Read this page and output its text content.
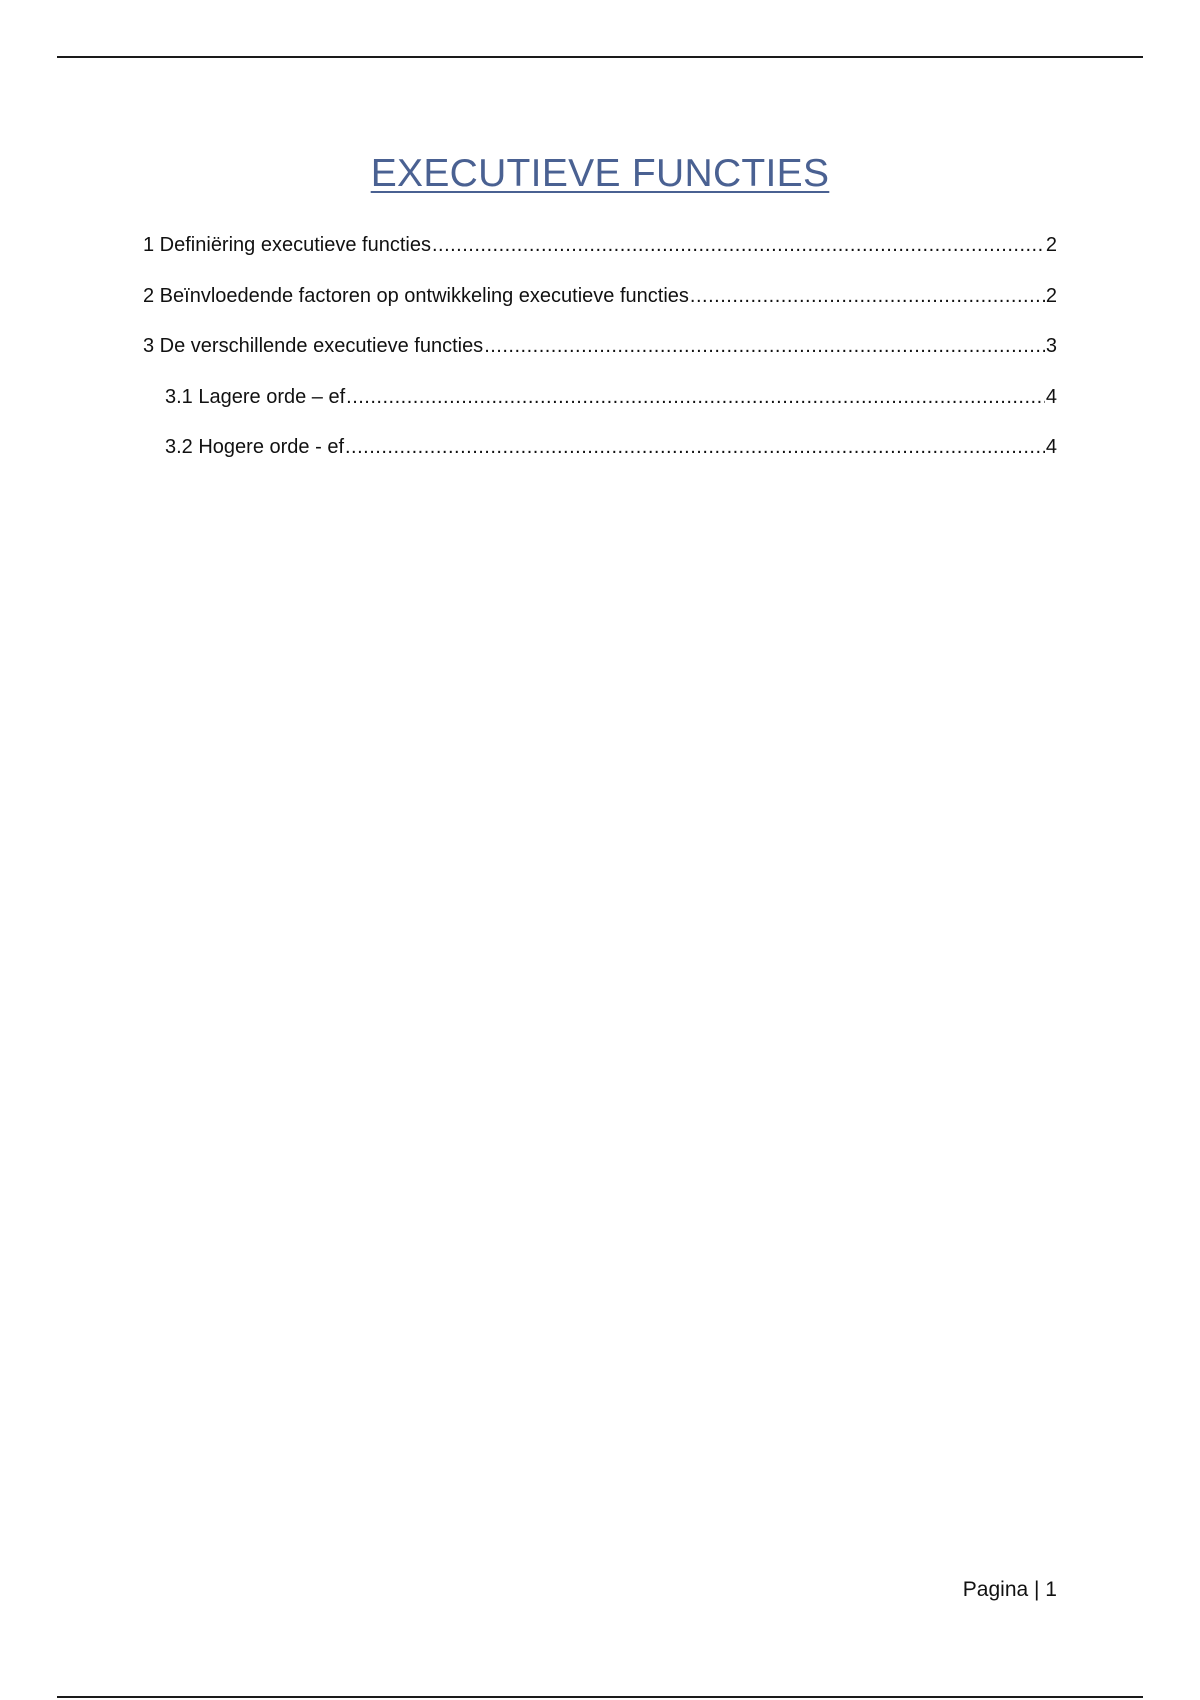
EXECUTIEVE FUNCTIES
1 Definiëring executieve functies .....	2
2 Beïnvloedende factoren op ontwikkeling executieve functies .....	2
3 De verschillende executieve functies .....	3
3.1 Lagere orde – ef .....	4
3.2 Hogere orde - ef .....	4
Pagina | 1
